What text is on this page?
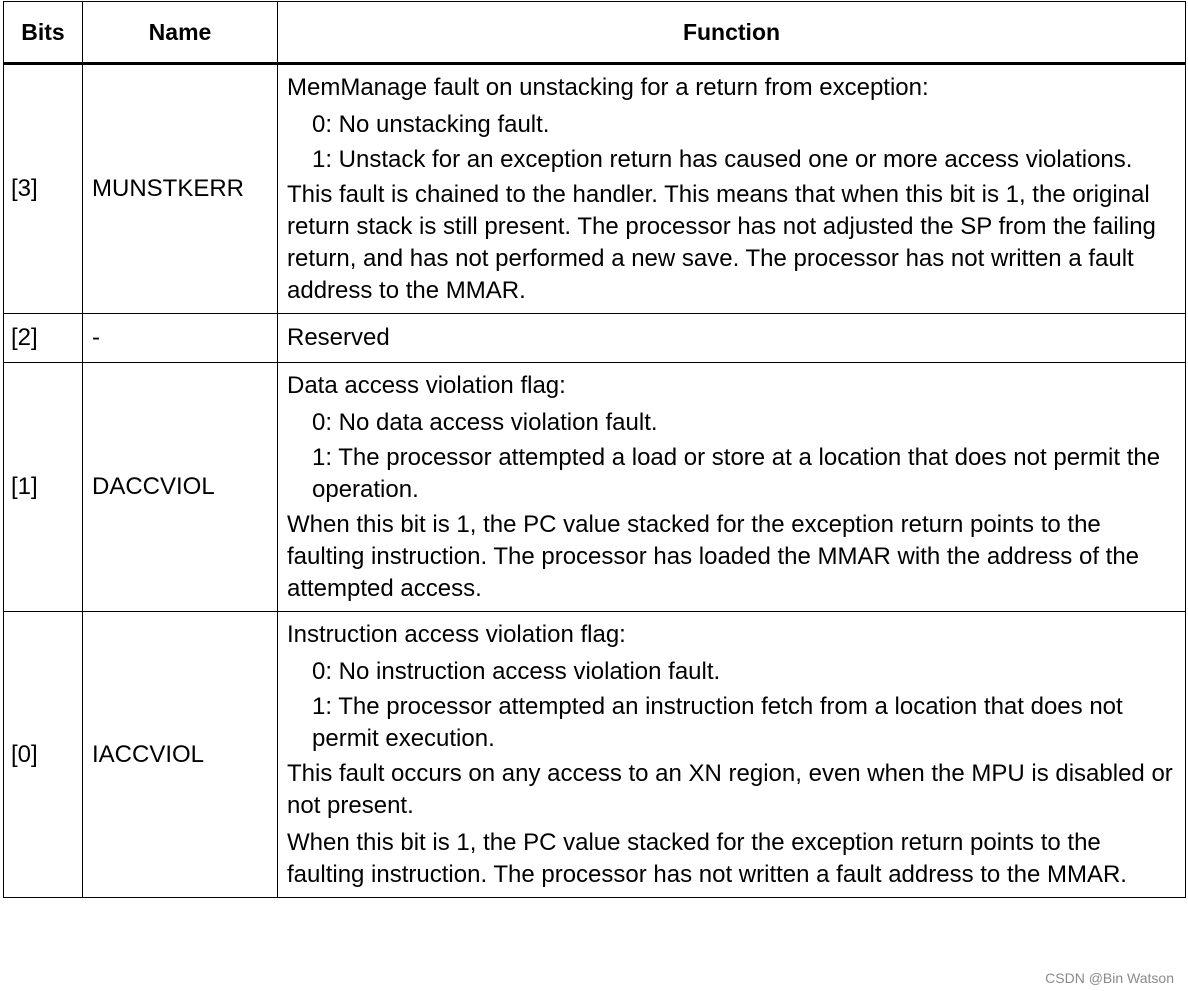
Bits	Name	Function
[3]	MUNSTKERR	MemManage fault on unstacking for a return from exception:
0: No unstacking fault.
1: Unstack for an exception return has caused one or more access violations.
This fault is chained to the handler. This means that when this bit is 1, the original return stack is still present. The processor has not adjusted the SP from the failing return, and has not performed a new save. The processor has not written a fault address to the MMAR.

[2]	-	Reserved

[1]	DACCVIOL	Data access violation flag:
0: No data access violation fault.
1: The processor attempted a load or store at a location that does not permit the operation.
When this bit is 1, the PC value stacked for the exception return points to the faulting instruction. The processor has loaded the MMAR with the address of the attempted access.

[0]	IACCVIOL	Instruction access violation flag:
0: No instruction access violation fault.
1: The processor attempted an instruction fetch from a location that does not permit execution.
This fault occurs on any access to an XN region, even when the MPU is disabled or not present.
When this bit is 1, the PC value stacked for the exception return points to the faulting instruction. The processor has not written a fault address to the MMAR.
CSDN @Bin Watson
